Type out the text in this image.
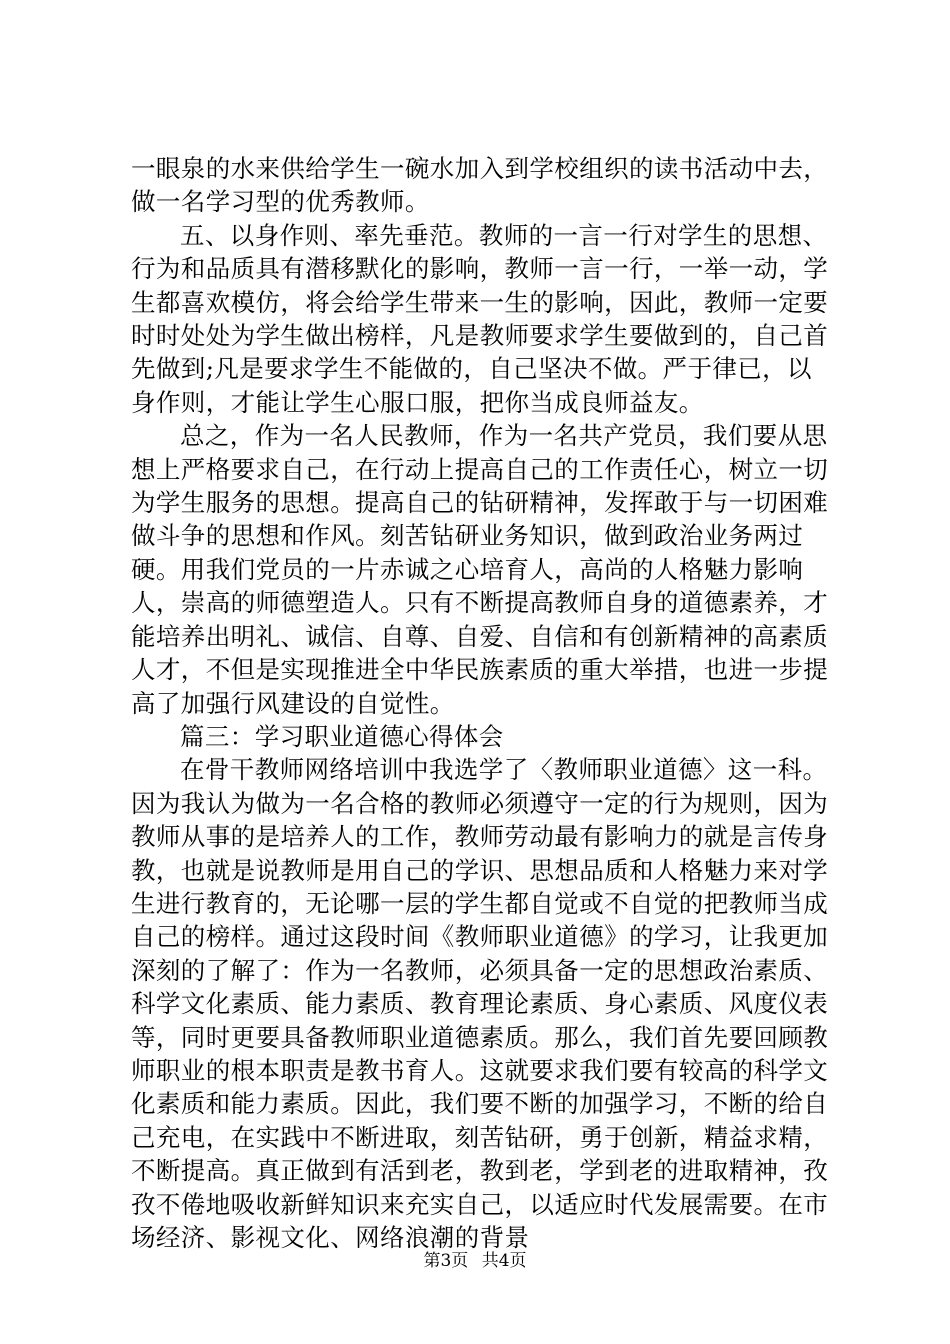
一眼泉的水来供给学生一碗水加入到学校组织的读书活动中去，做一名学习型的优秀教师。

五、以身作则、率先垂范。教师的一言一行对学生的思想、行为和品质具有潜移默化的影响，教师一言一行，一举一动，学生都喜欢模仿，将会给学生带来一生的影响，因此，教师一定要时时处处为学生做出榜样，凡是教师要求学生要做到的，自己首先做到;凡是要求学生不能做的，自己坚决不做。严于律已，以身作则，才能让学生心服口服，把你当成良师益友。

总之，作为一名人民教师，作为一名共产党员，我们要从思想上严格要求自己，在行动上提高自己的工作责任心，树立一切为学生服务的思想。提高自己的钻研精神，发挥敢于与一切困难做斗争的思想和作风。刻苦钻研业务知识，做到政治业务两过硬。用我们党员的一片赤诚之心培育人，高尚的人格魅力影响人，崇高的师德塑造人。只有不断提高教师自身的道德素养，才能培养出明礼、诚信、自尊、自爱、自信和有创新精神的高素质人才，不但是实现推进全中华民族素质的重大举措，也进一步提高了加强行风建设的自觉性。

篇三：学习职业道德心得体会

在骨干教师网络培训中我选学了〈教师职业道德〉这一科。因为我认为做为一名合格的教师必须遵守一定的行为规则，因为教师从事的是培养人的工作，教师劳动最有影响力的就是言传身教，也就是说教师是用自己的学识、思想品质和人格魅力来对学生进行教育的，无论哪一层的学生都自觉或不自觉的把教师当成自己的榜样。通过这段时间《教师职业道德》的学习，让我更加深刻的了解了：作为一名教师，必须具备一定的思想政治素质、科学文化素质、能力素质、教育理论素质、身心素质、风度仪表等，同时更要具备教师职业道德素质。那么，我们首先要回顾教师职业的根本职责是教书育人。这就要求我们要有较高的科学文化素质和能力素质。因此，我们要不断的加强学习，不断的给自己充电，在实践中不断进取，刻苦钻研，勇于创新，精益求精，不断提高。真正做到有活到老，教到老，学到老的进取精神，孜孜不倦地吸收新鲜知识来充实自己，以适应时代发展需要。在市场经济、影视文化、网络浪潮的背景

第3页 共4页
